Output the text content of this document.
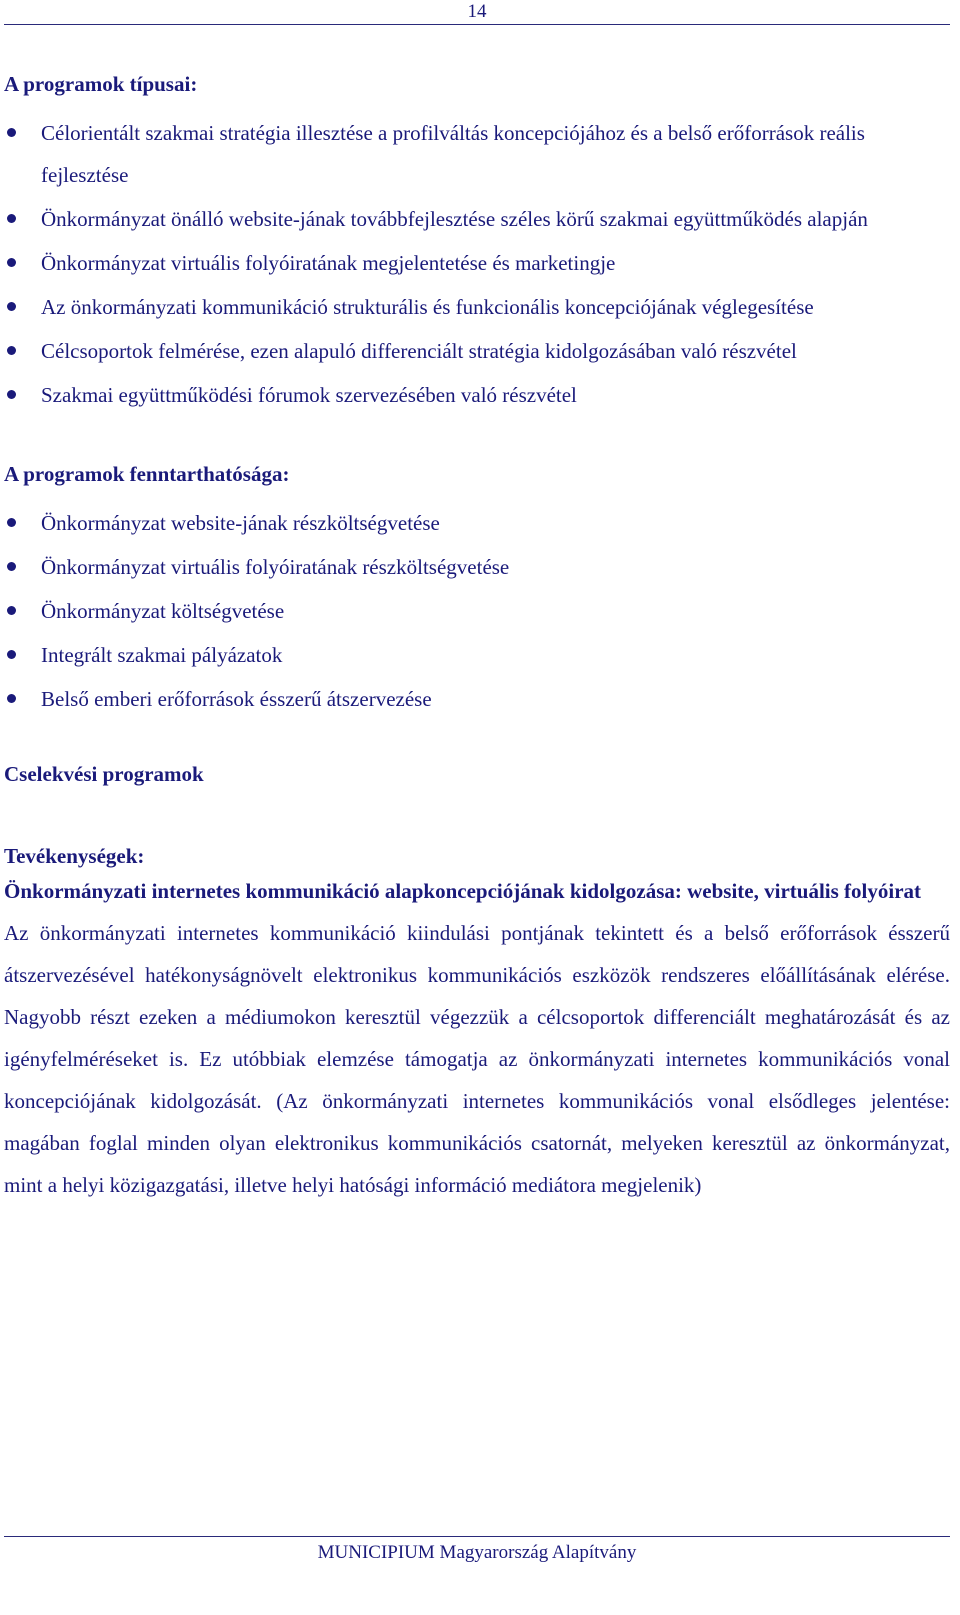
14
A programok típusai:
Célorientált szakmai stratégia illesztése a profilváltás koncepciójához és a belső erőforrások reális fejlesztése
Önkormányzat önálló website-jának továbbfejlesztése széles körű szakmai együttműködés alapján
Önkormányzat virtuális folyóiratának megjelentetése és marketingje
Az önkormányzati kommunikáció strukturális és funkcionális koncepciójának véglegesítése
Célcsoportok felmérése, ezen alapuló differenciált stratégia kidolgozásában való részvétel
Szakmai együttműködési fórumok szervezésében való részvétel
A programok fenntarthatósága:
Önkormányzat website-jának részköltségvetése
Önkormányzat virtuális folyóiratának részköltségvetése
Önkormányzat költségvetése
Integrált szakmai pályázatok
Belső emberi erőforrások ésszerű átszervezése
Cselekvési programok
Tevékenységek:

Önkormányzati internetes kommunikáció alapkoncepciójának kidolgozása: website, virtuális folyóirat

Az önkormányzati internetes kommunikáció kiindulási pontjának tekintett és a belső erőforrások ésszerű átszervezésével hatékonyságnövelt elektronikus kommunikációs eszközök rendszeres előállításának elérése. Nagyobb részt ezeken a médiumokon keresztül végezzük a célcsoportok differenciált meghatározását és az igényfelméréseket is. Ez utóbbiak elemzése támogatja az önkormányzati internetes kommunikációs vonal koncepciójának kidolgozását. (Az önkormányzati internetes kommunikációs vonal elsődleges jelentése: magában foglal minden olyan elektronikus kommunikációs csatornát, melyeken keresztül az önkormányzat, mint a helyi közigazgatási, illetve helyi hatósági információ mediátora megjelenik)

MUNICIPIUM Magyarország Alapítvány
